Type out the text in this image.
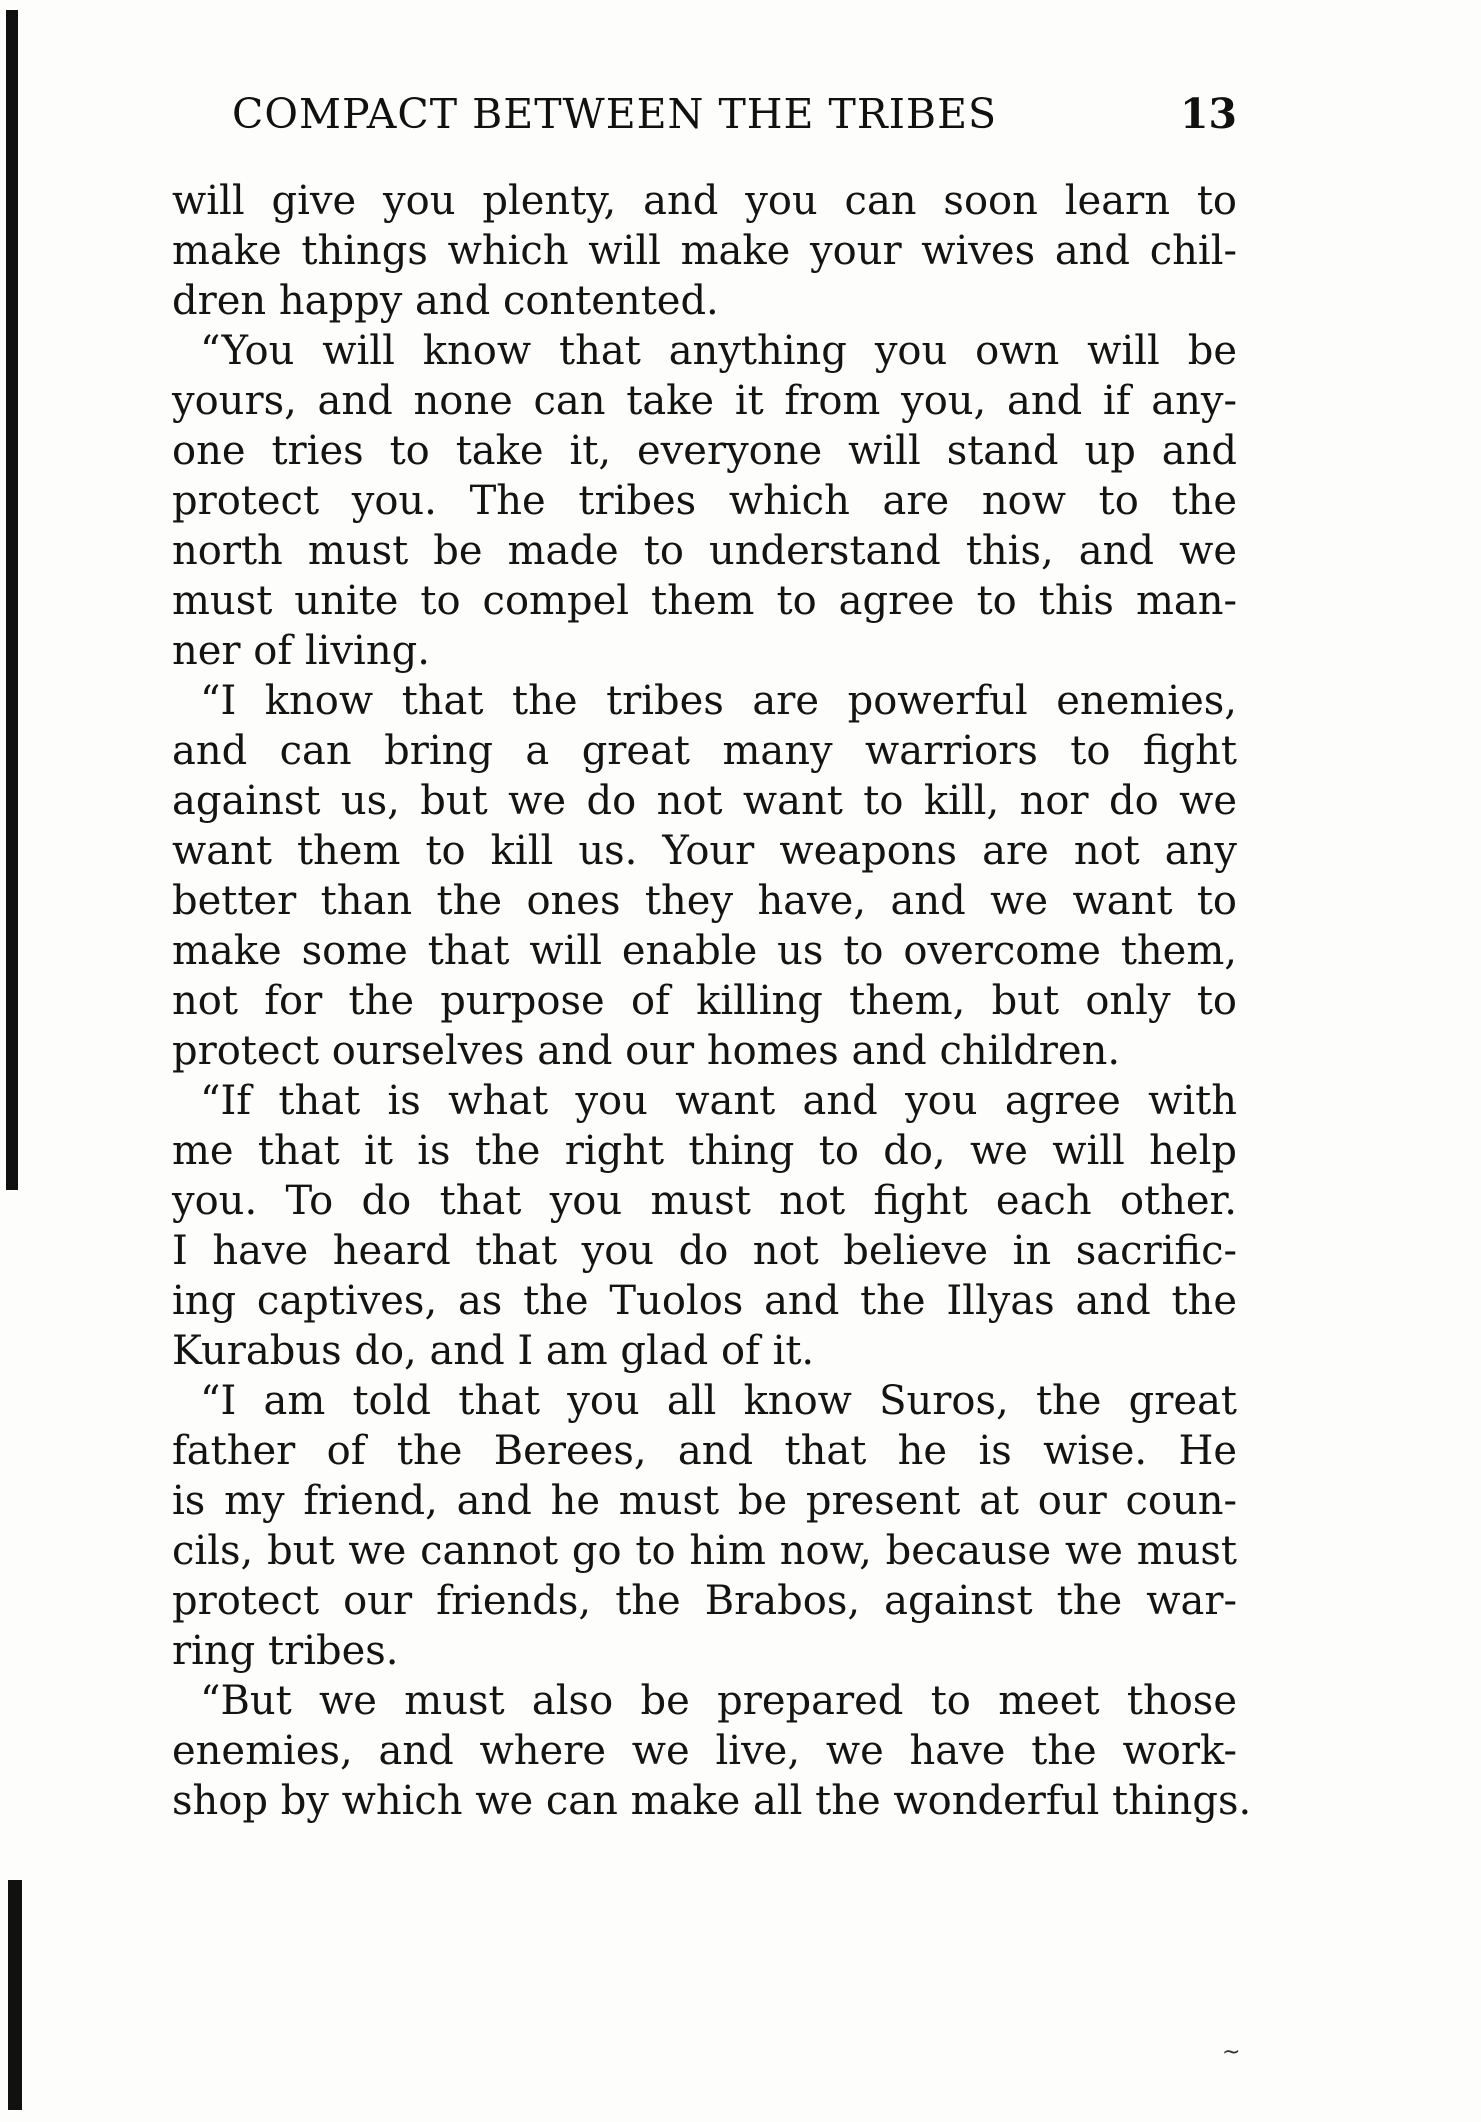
COMPACT BETWEEN THE TRIBES	13
will give you plenty, and you can soon learn to
make things which will make your wives and chil-
dren happy and contented.
“You will know that anything you own will be
yours, and none can take it from you, and if any-
one tries to take it, everyone will stand up and
protect you. The tribes which are now to the
north must be made to understand this, and we
must unite to compel them to agree to this man-
ner of living.
“I know that the tribes are powerful enemies,
and can bring a great many warriors to fight
against us, but we do not want to kill, nor do we
want them to kill us. Your weapons are not any
better than the ones they have, and we want to
make some that will enable us to overcome them,
not for the purpose of killing them, but only to
protect ourselves and our homes and children.
“If that is what you want and you agree with
me that it is the right thing to do, we will help
you. To do that you must not fight each other.
I have heard that you do not believe in sacrific-
ing captives, as the Tuolos and the Illyas and the
Kurabus do, and I am glad of it.
“I am told that you all know Suros, the great
father of the Berees, and that he is wise. He
is my friend, and he must be present at our coun-
cils, but we cannot go to him now, because we must
protect our friends, the Brabos, against the war-
ring tribes.
“But we must also be prepared to meet those
enemies, and where we live, we have the work-
shop by which we can make all the wonderful things.
~
